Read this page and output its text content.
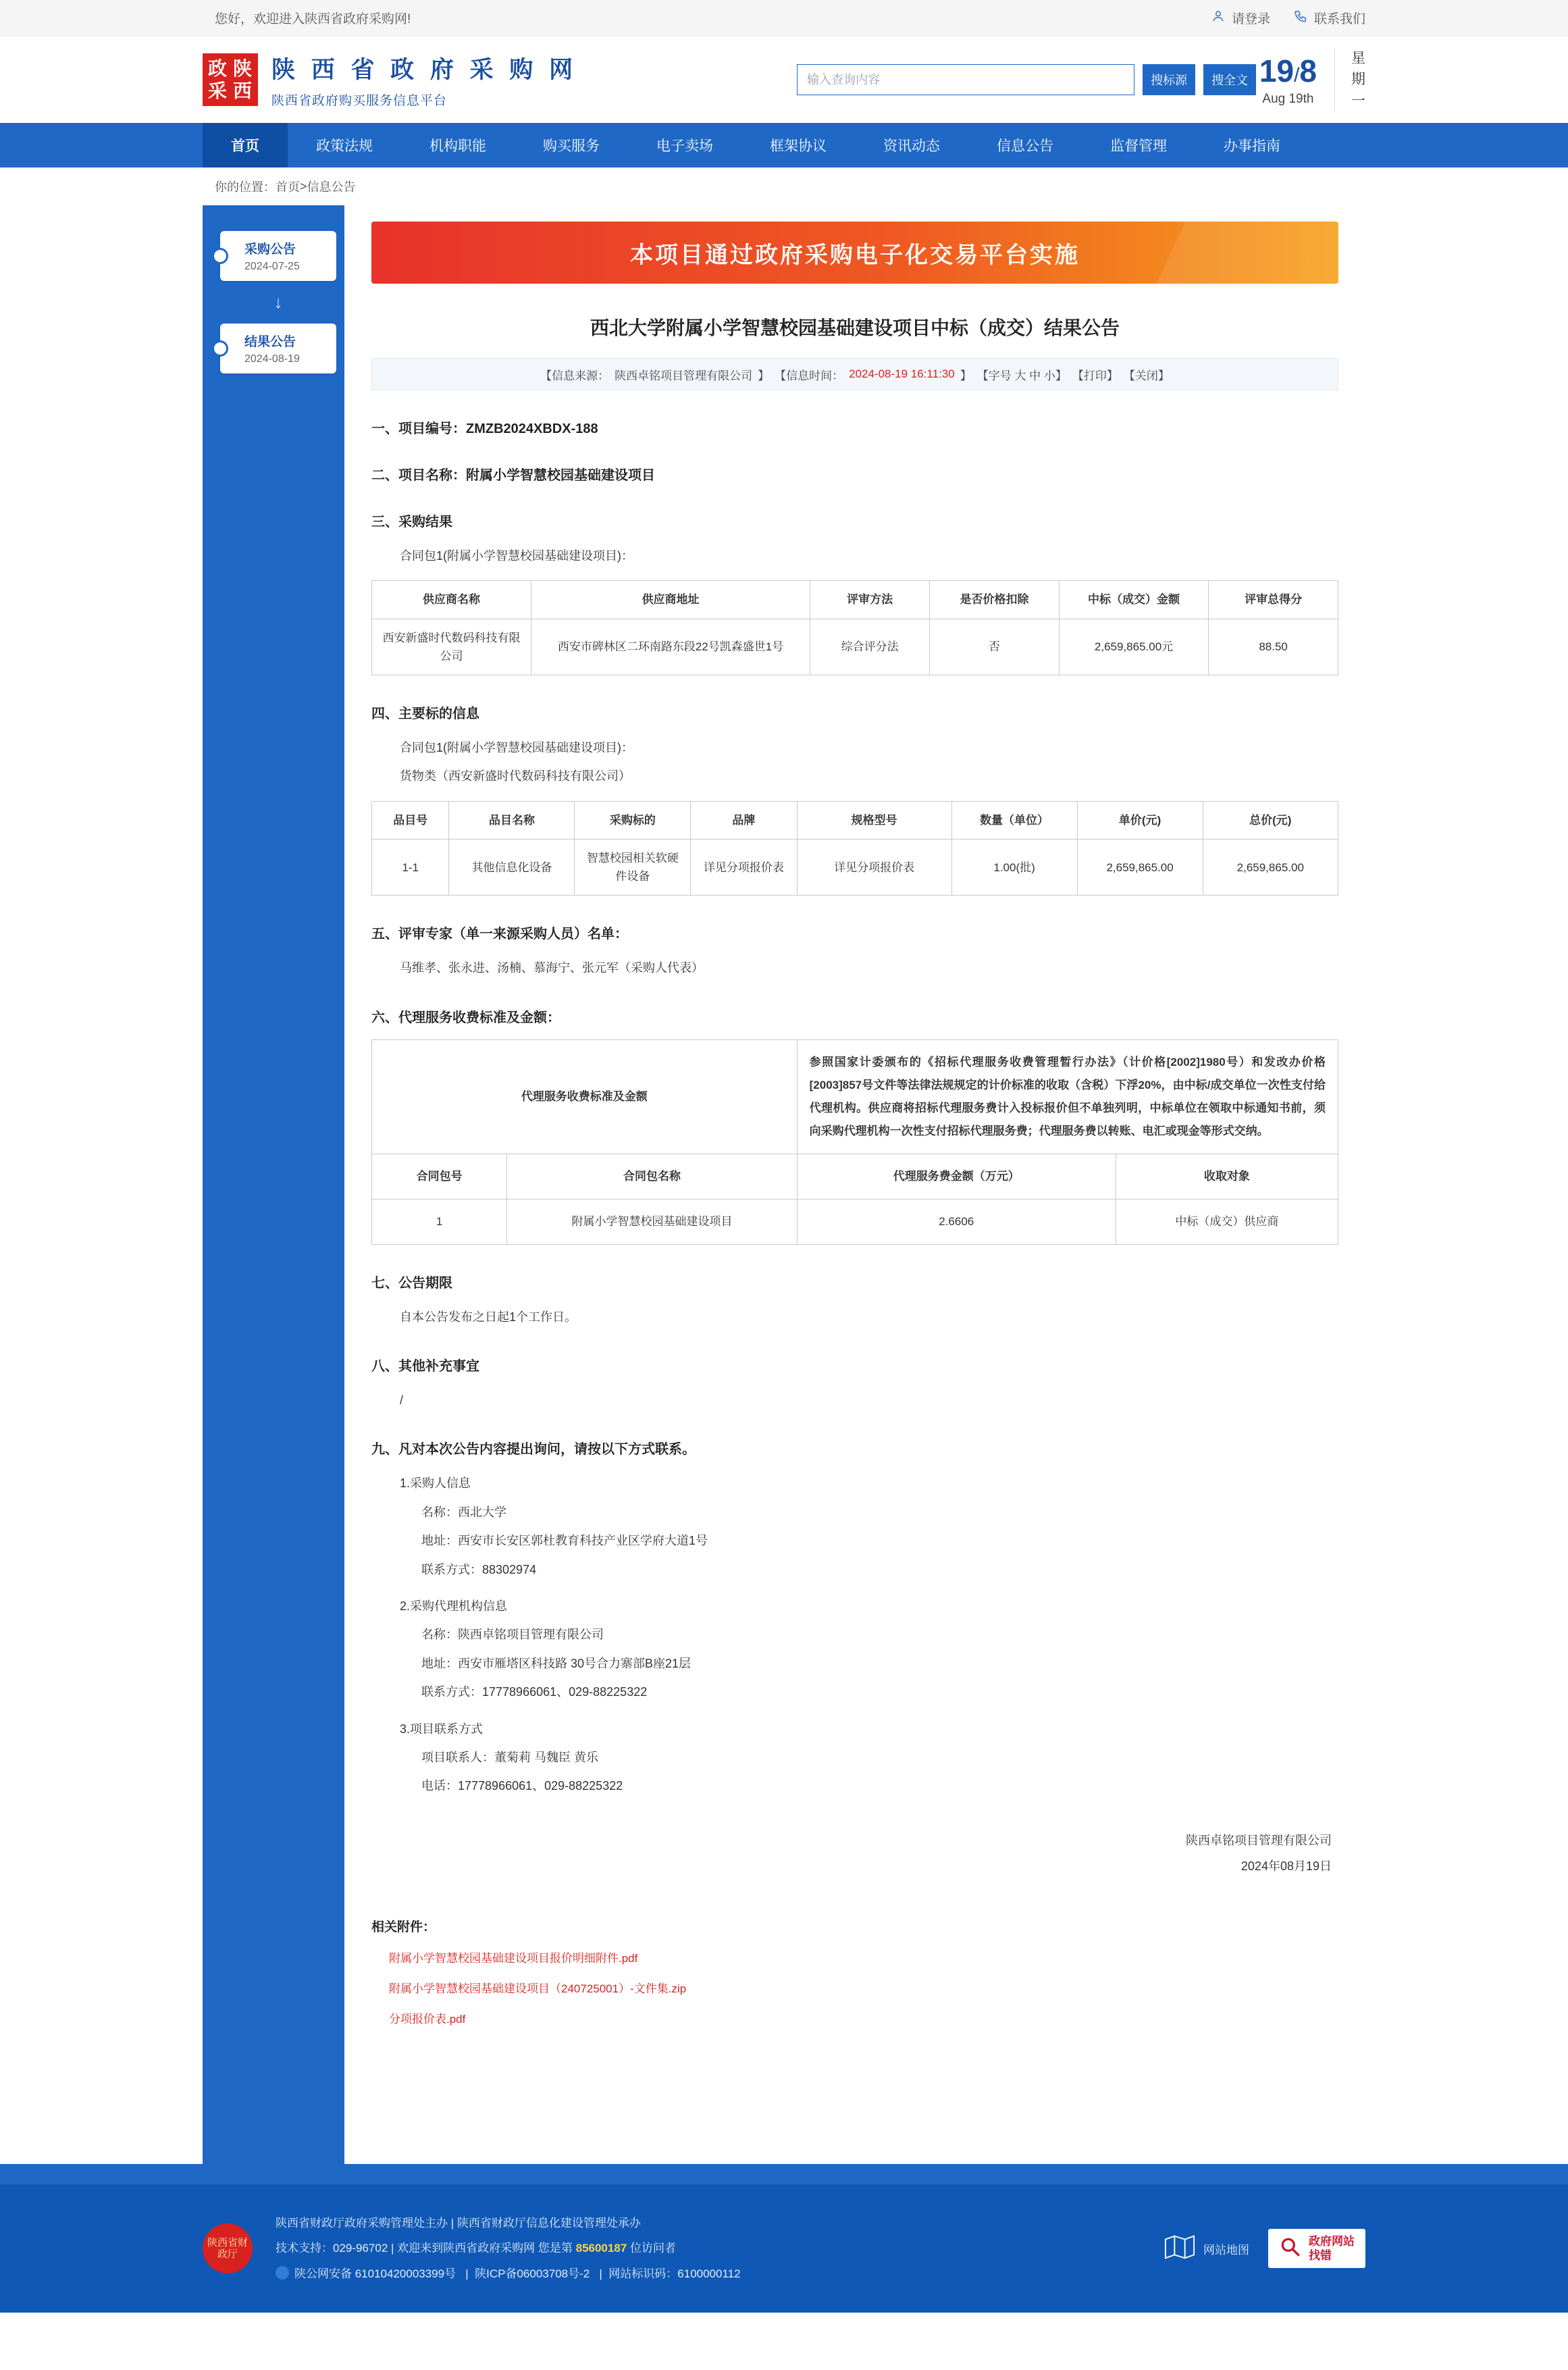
您好，欢迎进入陕西省政府采购网!	请登录	联系我们
政 陕
采 西
陕 西 省 政 府 采 购 网
陕西省政府购买服务信息平台
输入查询内容
搜标源	搜全文 19/8
Aug 19th
星
期
一
首页	政策法规	机构职能	购买服务	电子卖场	框架协议	资讯动态	信息公告	监督管理	办事指南
你的位置： 首页 > 信息公告
采购公告
2024-07-25
↓
结果公告
2024-08-19
本项目通过政府采购电子化交易平台实施
西北大学附属小学智慧校园基础建设项目中标（成交）结果公告
【信息来源： 陕西卓铭项目管理有限公司 】 【信息时间： 2024-08-19 16:11:30 】 【字号 大 中 小】 【打印】 【关闭】
一、项目编号：ZMZB2024XBDX-188
二、项目名称：附属小学智慧校园基础建设项目
三、采购结果
合同包1(附属小学智慧校园基础建设项目)：
供应商名称	供应商地址	评审方法	是否价格扣除	中标（成交）金额	评审总得分
西安新盛时代数码科技有限公司	西安市碑林区二环南路东段22号凯森盛世1号	综合评分法	否	2,659,865.00元	88.50
四、主要标的信息
合同包1(附属小学智慧校园基础建设项目)：
货物类（西安新盛时代数码科技有限公司）
品目号	品目名称	采购标的	品牌	规格型号	数量（单位）	单价(元)	总价(元)
1-1	其他信息化设备	智慧校园相关软硬件设备	详见分项报价表	详见分项报价表	1.00(批)	2,659,865.00	2,659,865.00
五、评审专家（单一来源采购人员）名单：
马维孝、张永进、汤楠、慕海宁、张元军（采购人代表）
六、代理服务收费标准及金额：
代理服务收费标准及金额		参照国家计委颁布的《招标代理服务收费管理暂行办法》（计价格[2002]1980号）和发改办价格[2003]857号文件等法律法规规定的计价标准的收取（含税）下浮20%，由中标/成交单位一次性支付给代理机构。供应商将招标代理服务费计入投标报价但不单独列明，中标单位在领取中标通知书前，须向采购代理机构一次性支付招标代理服务费；代理服务费以转账、电汇或现金等形式交纳。	
合同包号	合同包名称	代理服务费金额（万元）	收取对象
1	附属小学智慧校园基础建设项目	2.6606	中标（成交）供应商
七、公告期限
自本公告发布之日起1个工作日。
八、其他补充事宜
/
九、凡对本次公告内容提出询问，请按以下方式联系。
1.采购人信息
名称：西北大学
地址：西安市长安区郭杜教育科技产业区学府大道1号
联系方式：88302974
2.采购代理机构信息
名称：陕西卓铭项目管理有限公司
地址：西安市雁塔区科技路 30号合力寨部B座21层
联系方式：17778966061、029-88225322
3.项目联系方式
项目联系人：董菊莉 马魏臣 黄乐
电话：17778966061、029-88225322
陕西卓铭项目管理有限公司
2024年08月19日
相关附件：
附属小学智慧校园基础建设项目报价明细附件.pdf
附属小学智慧校园基础建设项目（240725001）-文件集.zip
分项报价表.pdf
陕西省财政厅
陕西省财政厅政府采购管理处主办 | 陕西省财政厅信息化建设管理处承办
技术支持：029-96702 | 欢迎来到陕西省政府采购网 您是第 85600187 位访问者
陕公网安备 61010420003399号   |  陕ICP备06003708号-2   |  网站标识码：6100000112
网站地图
政府网站
找错
